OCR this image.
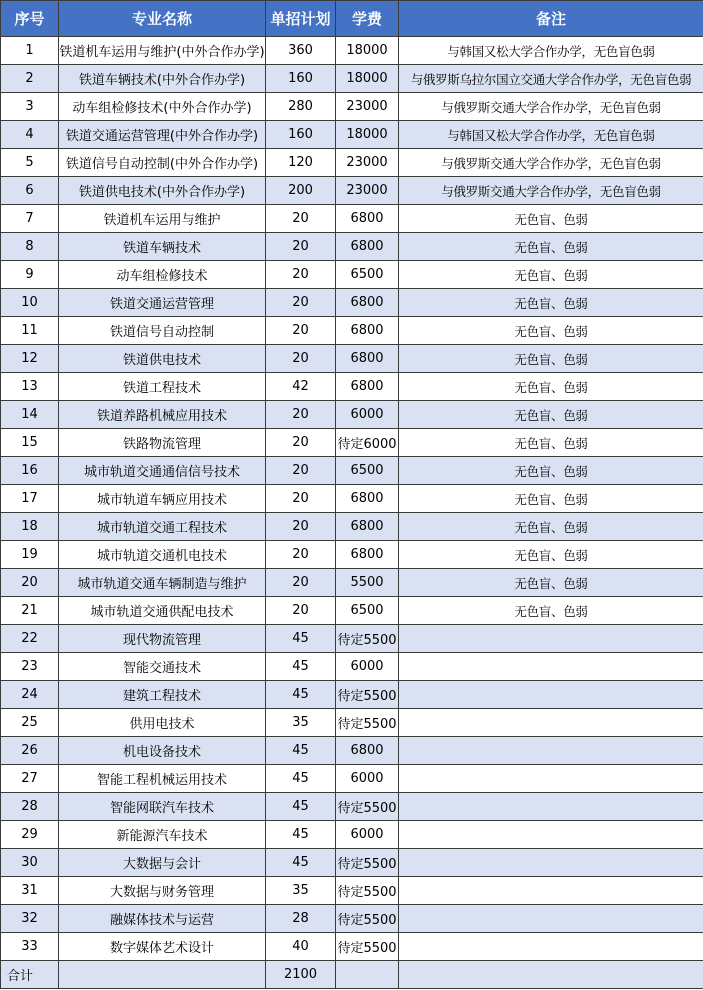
序号	专业名称	单招计划	学费	备注
1	铁道机车运用与维护(中外合作办学)	360	18000	与韩国又松大学合作办学，无色盲色弱
2	铁道车辆技术(中外合作办学)	160	18000	与俄罗斯乌拉尔国立交通大学合作办学，无色盲色弱
3	动车组检修技术(中外合作办学)	280	23000	与俄罗斯交通大学合作办学，无色盲色弱
4	铁道交通运营管理(中外合作办学)	160	18000	与韩国又松大学合作办学，无色盲色弱
5	铁道信号自动控制(中外合作办学)	120	23000	与俄罗斯交通大学合作办学，无色盲色弱
6	铁道供电技术(中外合作办学)	200	23000	与俄罗斯交通大学合作办学，无色盲色弱
7	铁道机车运用与维护	20	6800	无色盲、色弱
8	铁道车辆技术	20	6800	无色盲、色弱
9	动车组检修技术	20	6500	无色盲、色弱
10	铁道交通运营管理	20	6800	无色盲、色弱
11	铁道信号自动控制	20	6800	无色盲、色弱
12	铁道供电技术	20	6800	无色盲、色弱
13	铁道工程技术	42	6800	无色盲、色弱
14	铁道养路机械应用技术	20	6000	无色盲、色弱
15	铁路物流管理	20	待定6000	无色盲、色弱
16	城市轨道交通通信信号技术	20	6500	无色盲、色弱
17	城市轨道车辆应用技术	20	6800	无色盲、色弱
18	城市轨道交通工程技术	20	6800	无色盲、色弱
19	城市轨道交通机电技术	20	6800	无色盲、色弱
20	城市轨道交通车辆制造与维护	20	5500	无色盲、色弱
21	城市轨道交通供配电技术	20	6500	无色盲、色弱
22	现代物流管理	45	待定5500	
23	智能交通技术	45	6000	
24	建筑工程技术	45	待定5500	
25	供用电技术	35	待定5500	
26	机电设备技术	45	6800	
27	智能工程机械运用技术	45	6000	
28	智能网联汽车技术	45	待定5500	
29	新能源汽车技术	45	6000	
30	大数据与会计	45	待定5500	
31	大数据与财务管理	35	待定5500	
32	融媒体技术与运营	28	待定5500	
33	数字媒体艺术设计	40	待定5500	
合计		2100		
